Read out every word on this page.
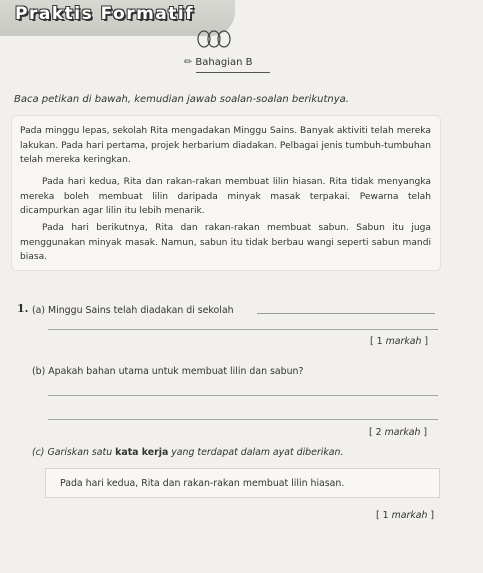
Praktis Formatif
✏ Bahagian B
Baca petikan di bawah, kemudian jawab soalan-soalan berikutnya.

Pada minggu lepas, sekolah Rita mengadakan Minggu Sains. Banyak aktiviti telah mereka lakukan. Pada hari pertama, projek herbarium diadakan. Pelbagai jenis tumbuh-tumbuhan telah mereka keringkan.

Pada hari kedua, Rita dan rakan-rakan membuat lilin hiasan. Rita tidak menyangka mereka boleh membuat lilin daripada minyak masak terpakai. Pewarna telah dicampurkan agar lilin itu lebih menarik.

Pada hari berikutnya, Rita dan rakan-rakan membuat sabun. Sabun itu juga menggunakan minyak masak. Namun, sabun itu tidak berbau wangi seperti sabun mandi biasa.

1. (a) Minggu Sains telah diadakan di sekolah
[ 1 markah ]
(b) Apakah bahan utama untuk membuat lilin dan sabun?
[ 2 markah ]
(c) Gariskan satu kata kerja yang terdapat dalam ayat diberikan.
Pada hari kedua, Rita dan rakan-rakan membuat lilin hiasan.
[ 1 markah ]
